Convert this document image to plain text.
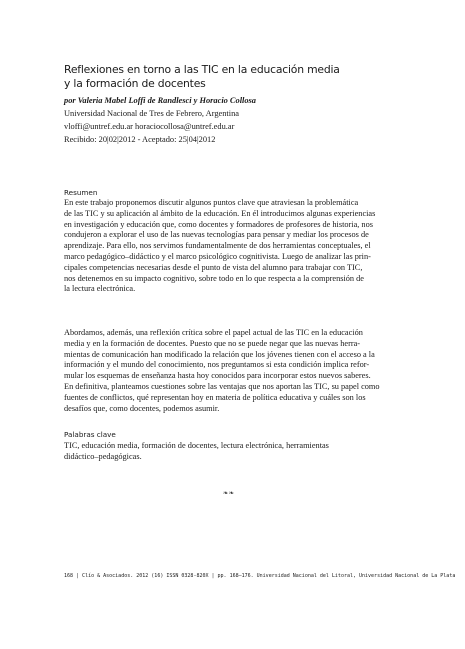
Reflexiones en torno a las TIC en la educación media
y la formación de docentes
por Valeria Mabel Loffi de Randlesci y Horacio Collosa
Universidad Nacional de Tres de Febrero, Argentina
vloffi@untref.edu.ar horaciocollosa@untref.edu.ar
Recibido: 20|02|2012 - Aceptado: 25|04|2012
Resumen
En este trabajo proponemos discutir algunos puntos clave que atraviesan la problemática
de las TIC y su aplicación al ámbito de la educación. En él introducimos algunas experiencias
en investigación y educación que, como docentes y formadores de profesores de historia, nos
condujeron a explorar el uso de las nuevas tecnologías para pensar y mediar los procesos de
aprendizaje. Para ello, nos servimos fundamentalmente de dos herramientas conceptuales, el
marco pedagógico–didáctico y el marco psicológico cognitivista. Luego de analizar las prin-
cipales competencias necesarias desde el punto de vista del alumno para trabajar con TIC,
nos detenemos en su impacto cognitivo, sobre todo en lo que respecta a la comprensión de
la lectura electrónica.
Abordamos, además, una reflexión crítica sobre el papel actual de las TIC en la educación
media y en la formación de docentes. Puesto que no se puede negar que las nuevas herra-
mientas de comunicación han modificado la relación que los jóvenes tienen con el acceso a la
información y el mundo del conocimiento, nos preguntamos si esta condición implica refor-
mular los esquemas de enseñanza hasta hoy conocidos para incorporar estos nuevos saberes.
En definitiva, planteamos cuestiones sobre las ventajas que nos aportan las TIC, su papel como
fuentes de conflictos, qué representan hoy en materia de política educativa y cuáles son los
desafíos que, como docentes, podemos asumir.
Palabras clave
TIC, educación media, formación de docentes, lectura electrónica, herramientas
didáctico–pedagógicas.
❧❧
168 | Clío & Asociados. 2012 (16) ISSN 0328-820X | pp. 168–176. Universidad Nacional del Litoral, Universidad Nacional de La Plata
